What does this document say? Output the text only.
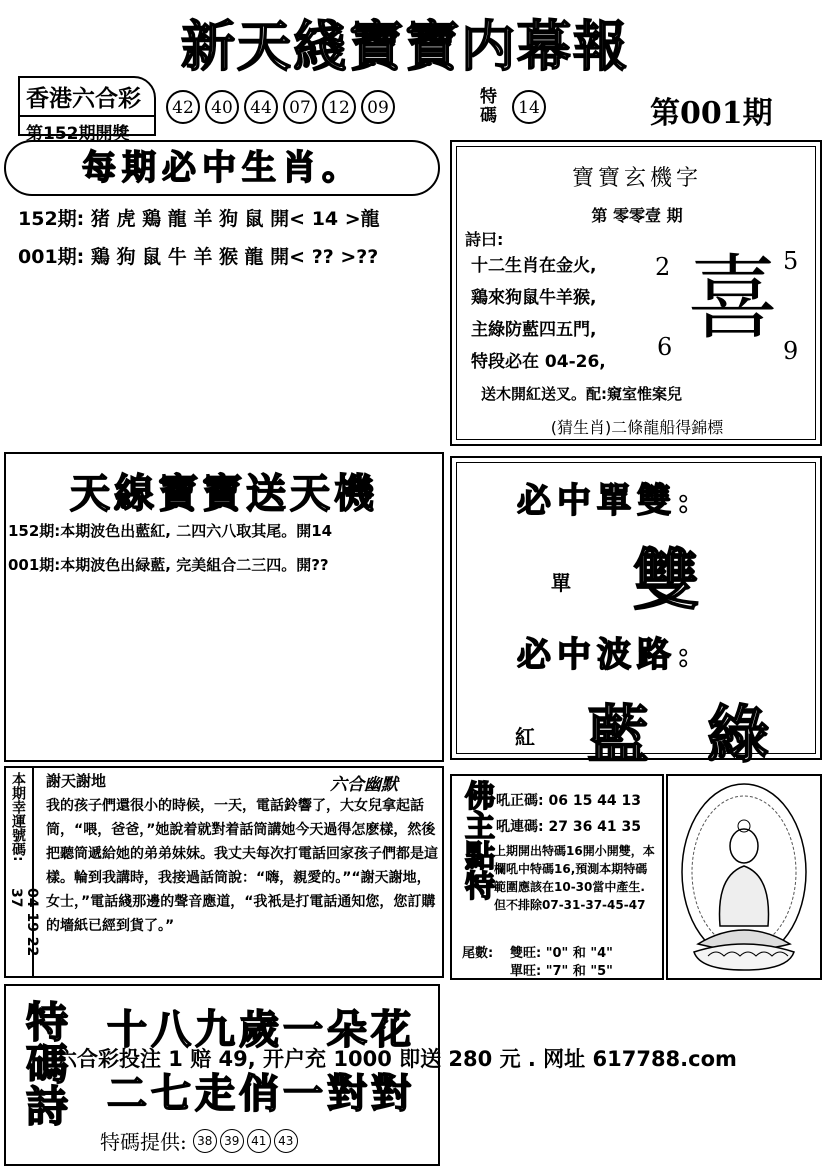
新天綫寶寶内幕報
香港六合彩
第152期開獎
42 40 44 07 12 09
特碼	14	第001期
每期必中生肖。
152期: 猪 虎 鶏 龍 羊 狗 鼠 開< 14 >龍
001期: 鶏 狗 鼠 牛 羊 猴 龍 開< ?? >??
寶寶玄機字
第 零零壹 期
詩曰:
十二生肖在金火,
鶏來狗鼠牛羊猴,
主綠防藍四五門,
特段必在 04-26,
2	5
6	9
喜
送木開紅送叉。配:窺室惟案兒
(猜生肖)二條龍船得錦標
天線寶寶送天機
152期:本期波色出藍紅, 二四六八取其尾。開14
001期:本期波色出緑藍, 完美組合二三四。開??
必中單雙:
單 雙
必中波路:
紅 藍 綠
本期幸運號碼:
04 19 22 37
謝天謝地	六合幽默
我的孩子們還很小的時候，一天，電話鈴響了，大女兒拿起話筒，“喂，爸爸，”她說着就對着話筒講她今天過得怎麽樣，然後把聽筒遞給她的弟弟妹妹。我丈夫每次打電話回家孩子們都是這樣。輪到我講時，我接過話筒說：“嗨，親愛的。”“謝天謝地，女士，”電話綫那邊的聲音應道，“我衹是打電話通知您，您訂購的墻紙已經到貨了。”
佛主點特 吼正碼: 06 15 44 13
吼連碼: 27 36 41 35
上期開出特碼16開小開雙，本欄吼中特碼16,預測本期特碼範圍應該在10-30當中產生.但不排除07-31-37-45-47
尾數: 雙旺: "0" 和 "4"
單旺: "7" 和 "5"
特碼詩 十八九歲一朵花
二七走俏一對對
特碼提供: 38 39 41 43
六合彩投注 1 赔 49, 开户充 1000 即送 280 元 . 网址 617788.com
